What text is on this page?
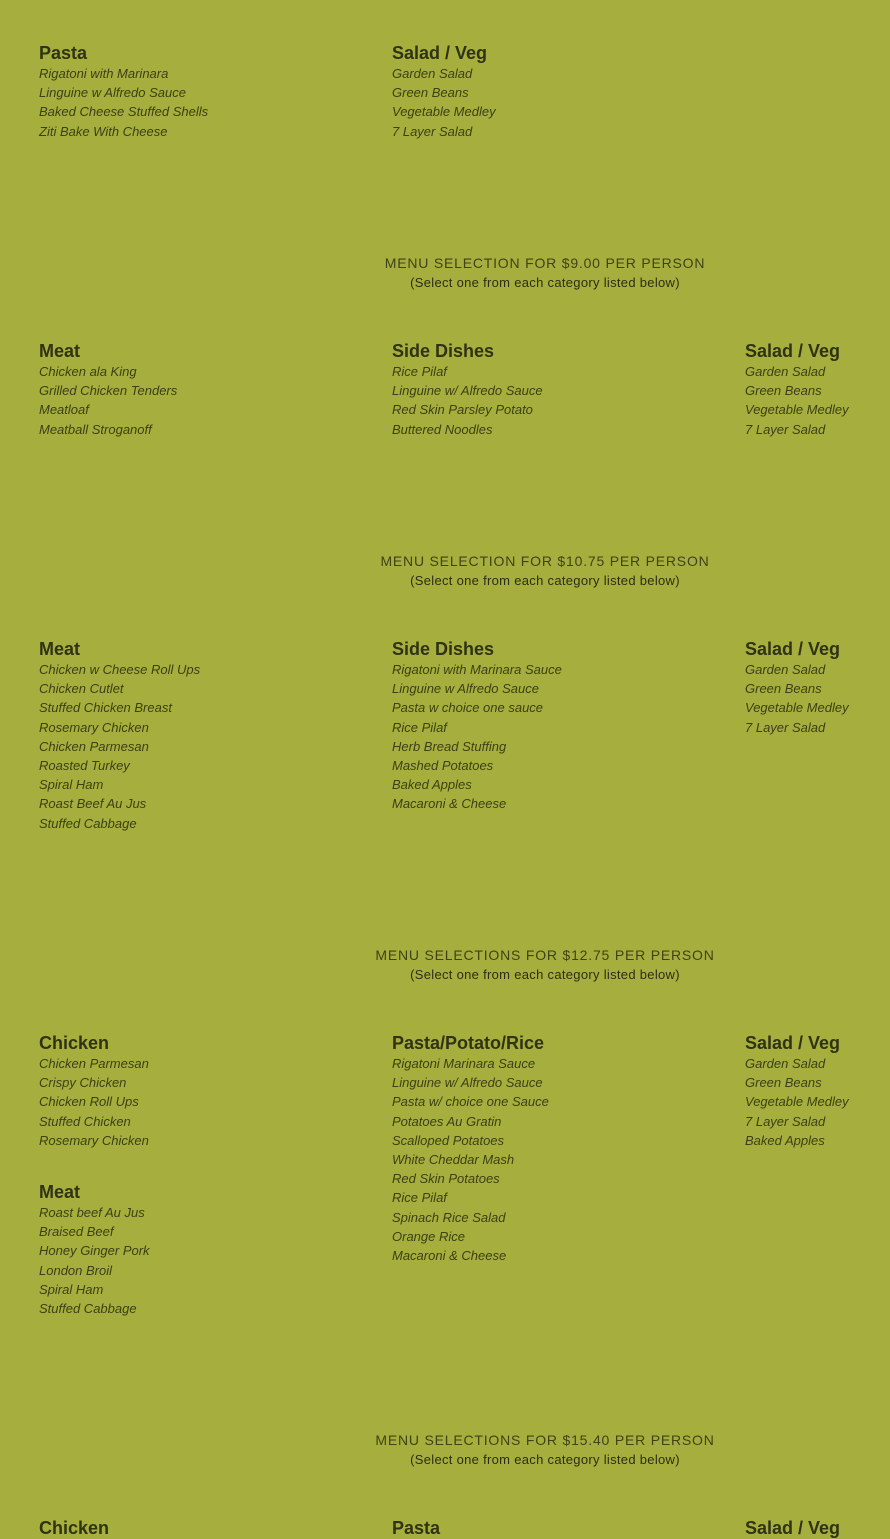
Pasta
Rigatoni with Marinara
Linguine w Alfredo Sauce
Baked Cheese Stuffed Shells
Ziti Bake With Cheese
Salad / Veg
Garden Salad
Green Beans
Vegetable Medley
7 Layer Salad
MENU SELECTION FOR $9.00 PER PERSON
(Select one from each category listed below)
Meat
Chicken ala King
Grilled Chicken Tenders
Meatloaf
Meatball Stroganoff
Side Dishes
Rice Pilaf
Linguine w/ Alfredo Sauce
Red Skin Parsley Potato
Buttered Noodles
Salad / Veg
Garden Salad
Green Beans
Vegetable Medley
7 Layer Salad
MENU SELECTION FOR $10.75 PER PERSON
(Select one from each category listed below)
Meat
Chicken w Cheese Roll Ups
Chicken Cutlet
Stuffed Chicken Breast
Rosemary Chicken
Chicken Parmesan
Roasted Turkey
Spiral Ham
Roast Beef Au Jus
Stuffed Cabbage
Side Dishes
Rigatoni with Marinara Sauce
Linguine w Alfredo Sauce
Pasta w choice one sauce
Rice Pilaf
Herb Bread Stuffing
Mashed Potatoes
Baked Apples
Macaroni & Cheese
Salad / Veg
Garden Salad
Green Beans
Vegetable Medley
7 Layer Salad
MENU SELECTIONS FOR $12.75 PER PERSON
(Select one from each category listed below)
Chicken
Chicken Parmesan
Crispy Chicken
Chicken Roll Ups
Stuffed Chicken
Rosemary Chicken
Pasta/Potato/Rice
Rigatoni Marinara Sauce
Linguine w/ Alfredo Sauce
Pasta w/ choice one Sauce
Potatoes Au Gratin
Scalloped Potatoes
White Cheddar Mash
Red Skin Potatoes
Rice Pilaf
Spinach Rice Salad
Orange Rice
Macaroni & Cheese
Salad / Veg
Garden Salad
Green Beans
Vegetable Medley
7 Layer Salad
Baked Apples
Meat
Roast beef Au Jus
Braised Beef
Honey Ginger Pork
London Broil
Spiral Ham
Stuffed Cabbage
MENU SELECTIONS FOR $15.40 PER PERSON
(Select one from each category listed below)
Chicken	Pasta	Salad / Veg
